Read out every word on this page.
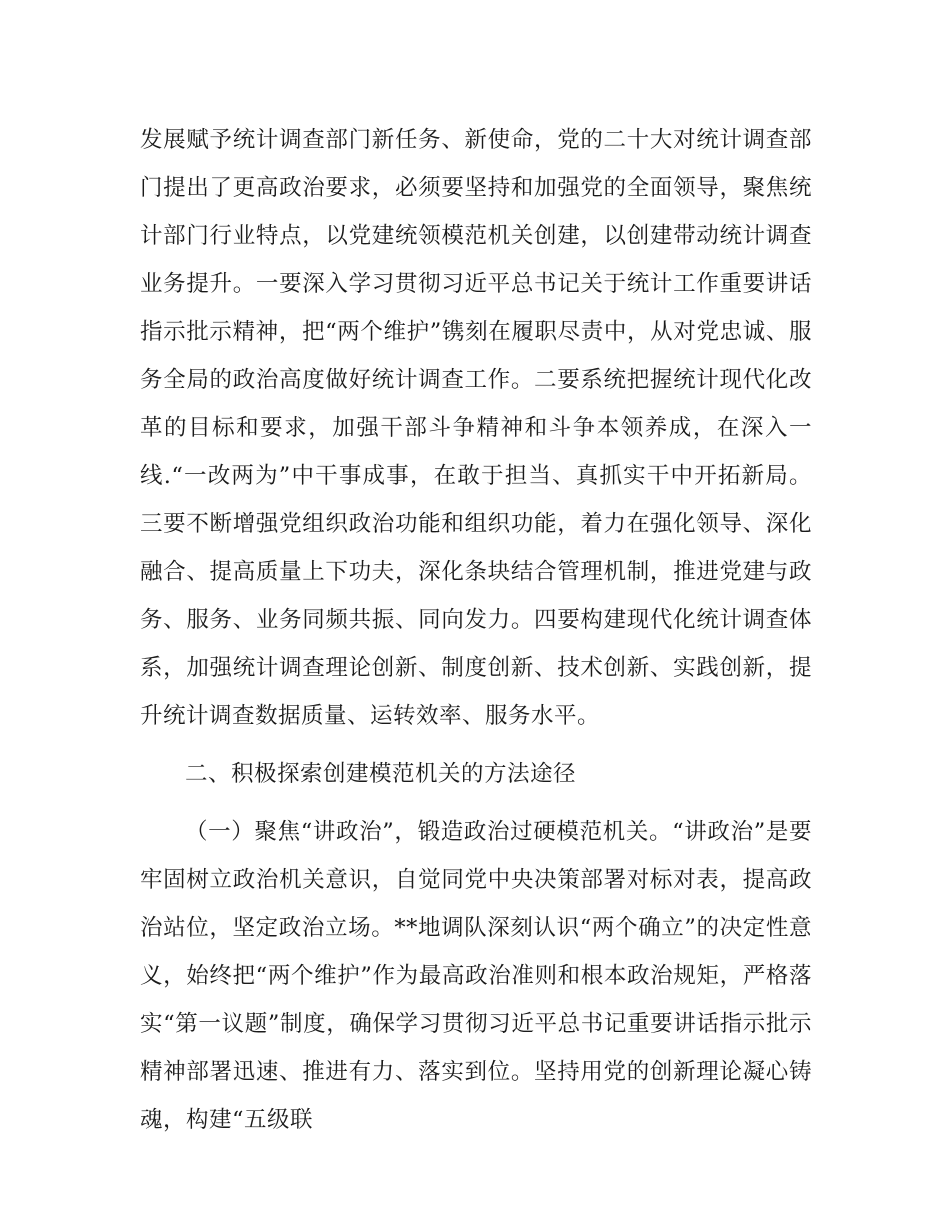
发展赋予统计调查部门新任务、新使命，党的二十大对统计调查部门提出了更高政治要求，必须要坚持和加强党的全面领导，聚焦统计部门行业特点，以党建统领模范机关创建，以创建带动统计调查业务提升。一要深入学习贯彻习近平总书记关于统计工作重要讲话指示批示精神，把“两个维护”镌刻在履职尽责中，从对党忠诚、服务全局的政治高度做好统计调查工作。二要系统把握统计现代化改革的目标和要求，加强干部斗争精神和斗争本领养成，在深入一线.“一改两为”中干事成事，在敢于担当、真抓实干中开拓新局。三要不断增强党组织政治功能和组织功能，着力在强化领导、深化融合、提高质量上下功夫，深化条块结合管理机制，推进党建与政务、服务、业务同频共振、同向发力。四要构建现代化统计调查体系，加强统计调查理论创新、制度创新、技术创新、实践创新，提升统计调查数据质量、运转效率、服务水平。

二、积极探索创建模范机关的方法途径

（一）聚焦“讲政治”，锻造政治过硬模范机关。“讲政治”是要牢固树立政治机关意识，自觉同党中央决策部署对标对表，提高政治站位，坚定政治立场。**地调队深刻认识“两个确立”的决定性意义，始终把“两个维护”作为最高政治准则和根本政治规矩，严格落实“第一议题”制度，确保学习贯彻习近平总书记重要讲话指示批示精神部署迅速、推进有力、落实到位。坚持用党的创新理论凝心铸魂，构建“五级联
